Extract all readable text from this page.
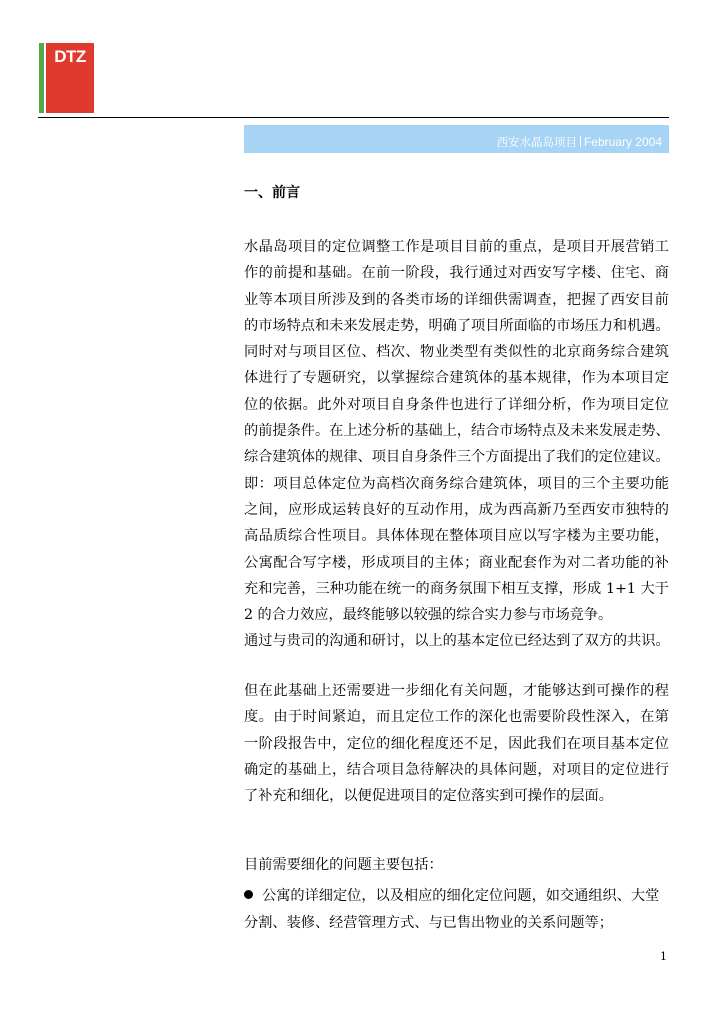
DTZ
西安水晶岛项目 February 2004
一、前言
水晶岛项目的定位调整工作是项目目前的重点，是项目开展营销工
作的前提和基础。在前一阶段，我行通过对西安写字楼、住宅、商
业等本项目所涉及到的各类市场的详细供需调查，把握了西安目前
的市场特点和未来发展走势，明确了项目所面临的市场压力和机遇。
同时对与项目区位、档次、物业类型有类似性的北京商务综合建筑
体进行了专题研究，以掌握综合建筑体的基本规律，作为本项目定
位的依据。此外对项目自身条件也进行了详细分析，作为项目定位
的前提条件。在上述分析的基础上，结合市场特点及未来发展走势、
综合建筑体的规律、项目自身条件三个方面提出了我们的定位建议。
即：项目总体定位为高档次商务综合建筑体，项目的三个主要功能
之间，应形成运转良好的互动作用，成为西高新乃至西安市独特的
高品质综合性项目。具体体现在整体项目应以写字楼为主要功能，
公寓配合写字楼，形成项目的主体；商业配套作为对二者功能的补
充和完善，三种功能在统一的商务氛围下相互支撑，形成 1+1 大于
2 的合力效应，最终能够以较强的综合实力参与市场竞争。
通过与贵司的沟通和研讨，以上的基本定位已经达到了双方的共识。
但在此基础上还需要进一步细化有关问题，才能够达到可操作的程
度。由于时间紧迫，而且定位工作的深化也需要阶段性深入，在第
一阶段报告中，定位的细化程度还不足，因此我们在项目基本定位
确定的基础上，结合项目急待解决的具体问题，对项目的定位进行
了补充和细化，以便促进项目的定位落实到可操作的层面。
目前需要细化的问题主要包括：
公寓的详细定位，以及相应的细化定位问题，如交通组织、大堂
分割、装修、经营管理方式、与已售出物业的关系问题等；
1
